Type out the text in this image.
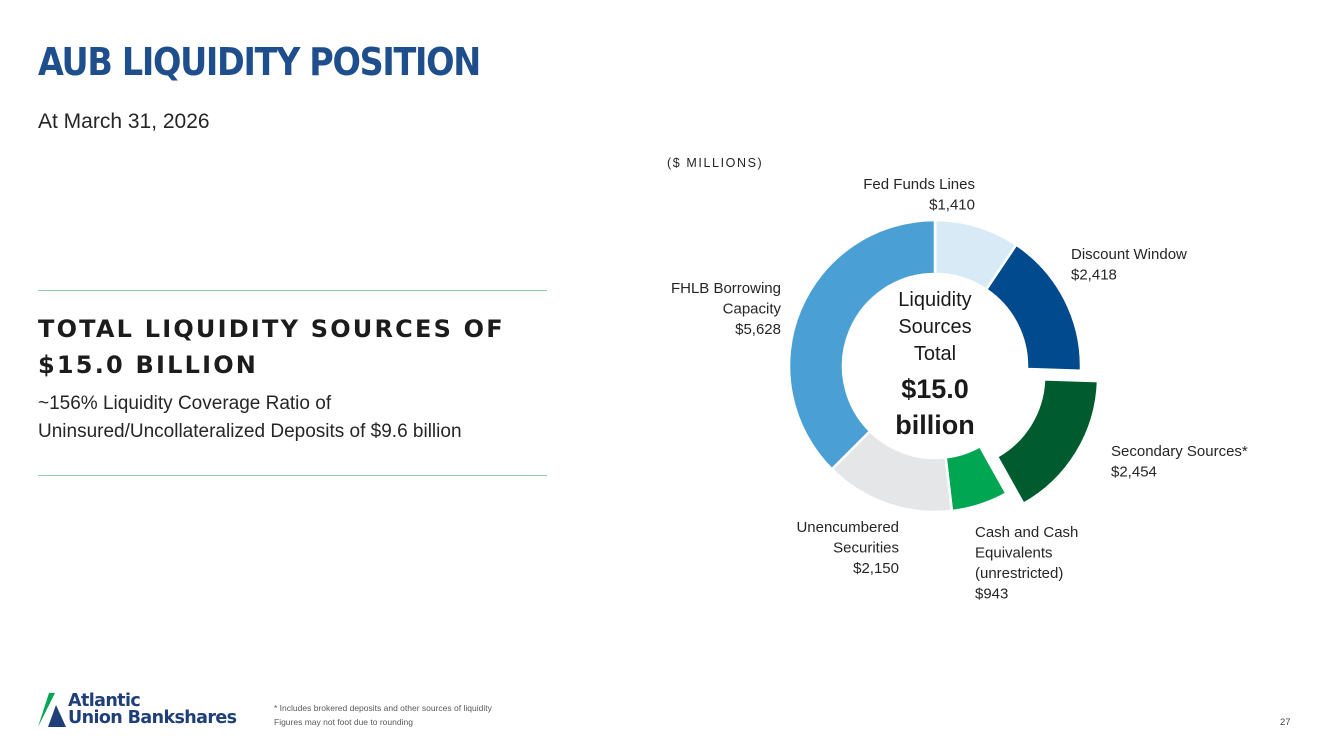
AUB LIQUIDITY POSITION
At March 31, 2026
TOTAL LIQUIDITY SOURCES OF $15.0 BILLION
~156% Liquidity Coverage Ratio of Uninsured/Uncollateralized Deposits of $9.6 billion
($ MILLIONS)
Fed Funds Lines $1,410
Discount Window $2,418
Secondary Sources* $2,454
Cash and Cash Equivalents (unrestricted) $943
Unencumbered Securities $2,150
FHLB Borrowing Capacity $5,628
Liquidity Sources Total $15.0 billion

Atlantic
Union Bankshares	* Includes brokered deposits and other sources of liquidity
Figures may not foot due to rounding	27
